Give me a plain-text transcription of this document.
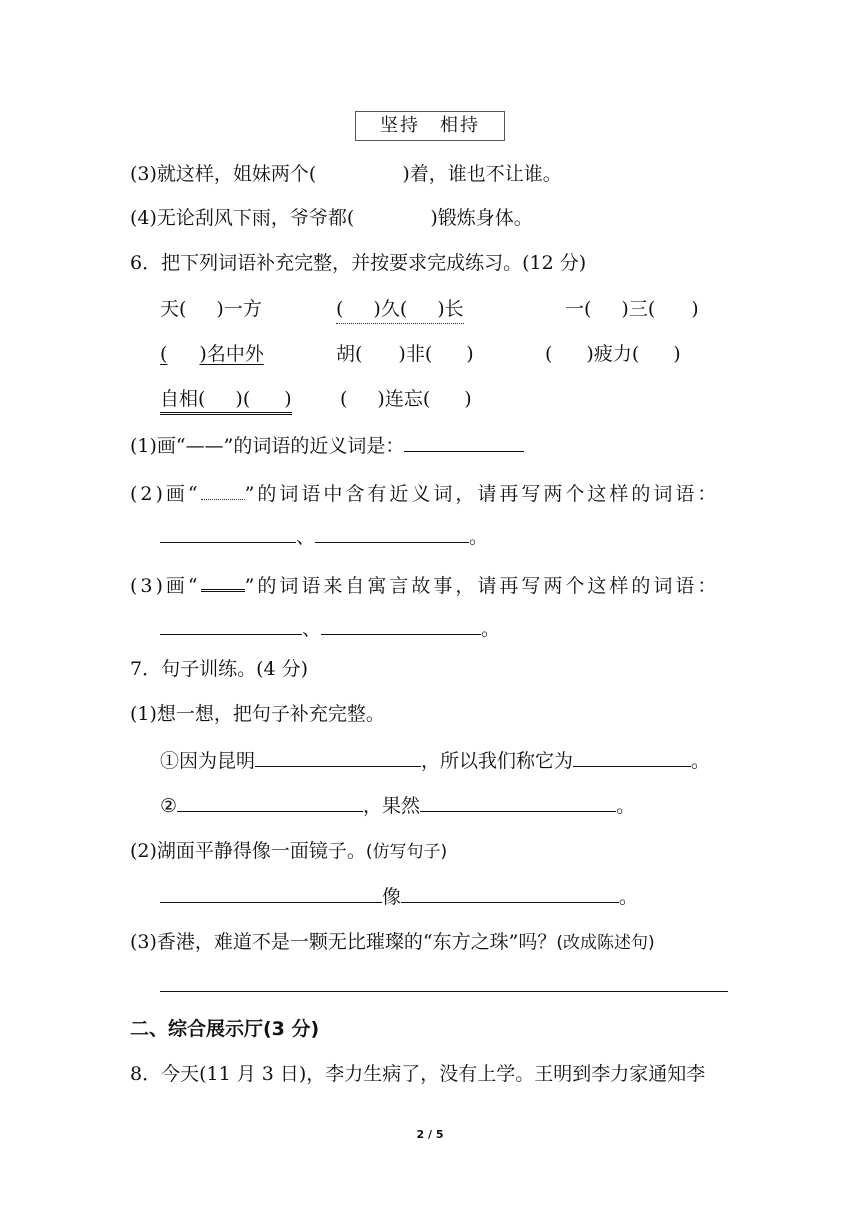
坚持　相持
(3)就这样，姐妹两个(	)着，谁也不让谁。
(4)无论刮风下雨，爷爷都(	)锻炼身体。
6．把下列词语补充完整，并按要求完成练习。(12 分)
天( )一方	( )久( )长	一( )三( )
( )名中外	胡( )非( )	( )疲力( )
自相( )( )	( )连忘( )
(1)画“——”的词语的近义词是：
(2)画“ ”的词语中含有近义词，请再写两个这样的词语：
、	。
(3)画“ ”的词语来自寓言故事，请再写两个这样的词语：
、	。
7．句子训练。(4 分)
(1)想一想，把句子补充完整。
①因为昆明	，所以我们称它为	。
②	，果然	。
(2)湖面平静得像一面镜子。(仿写句子)
像	。
(3)香港，难道不是一颗无比璀璨的“东方之珠”吗？(改成陈述句)
二、综合展示厅(3 分)
8．今天(11 月 3 日)，李力生病了，没有上学。王明到李力家通知李
2 / 5
